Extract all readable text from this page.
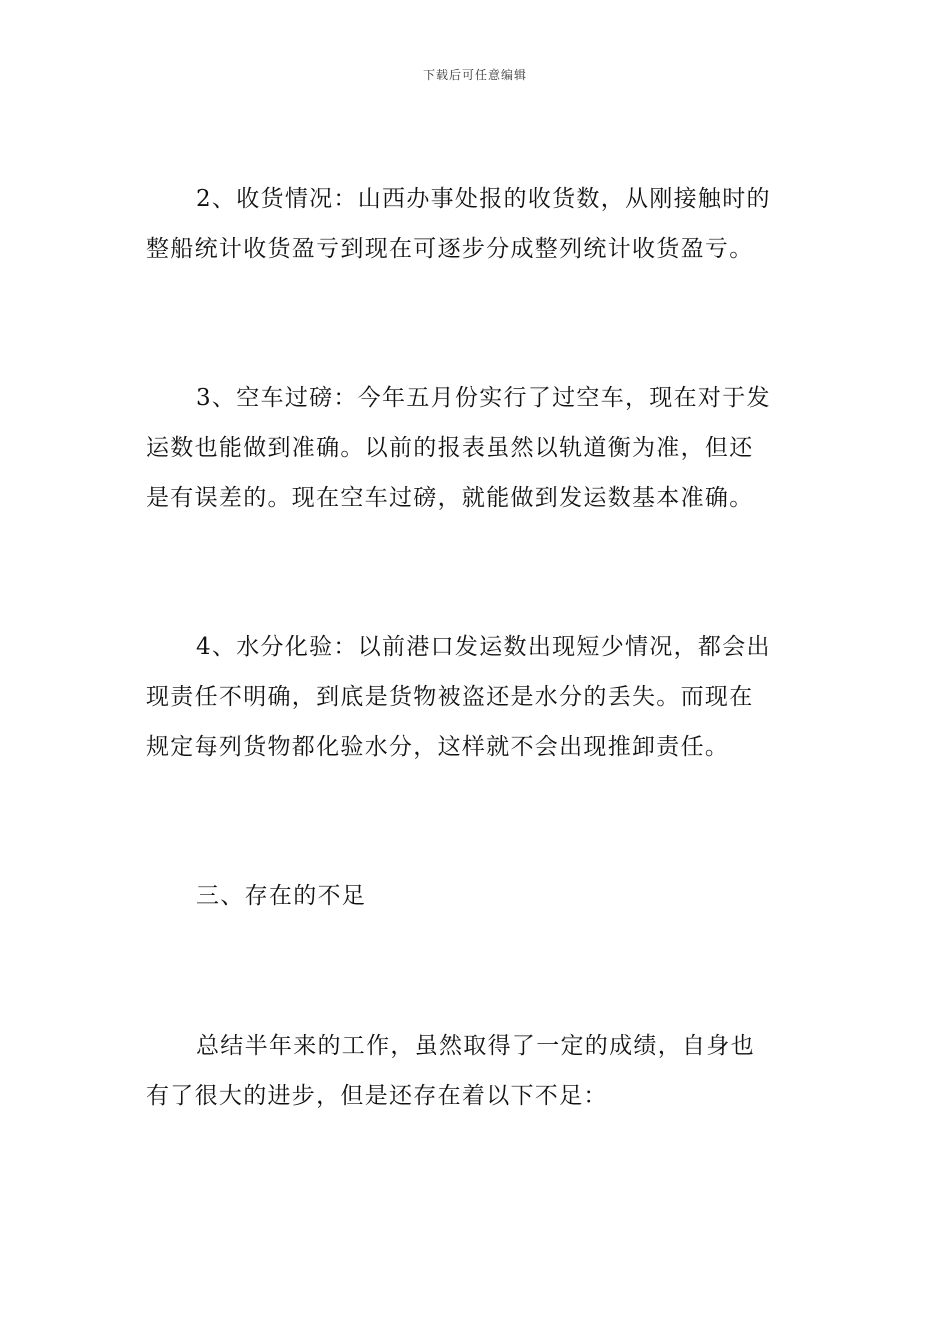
下载后可任意编辑
2、收货情况：山西办事处报的收货数，从刚接触时的
整船统计收货盈亏到现在可逐步分成整列统计收货盈亏。
3、空车过磅：今年五月份实行了过空车，现在对于发
运数也能做到准确。以前的报表虽然以轨道衡为准，但还
是有误差的。现在空车过磅，就能做到发运数基本准确。
4、水分化验：以前港口发运数出现短少情况，都会出
现责任不明确，到底是货物被盗还是水分的丢失。而现在
规定每列货物都化验水分，这样就不会出现推卸责任。
三、存在的不足
总结半年来的工作，虽然取得了一定的成绩，自身也
有了很大的进步，但是还存在着以下不足：
